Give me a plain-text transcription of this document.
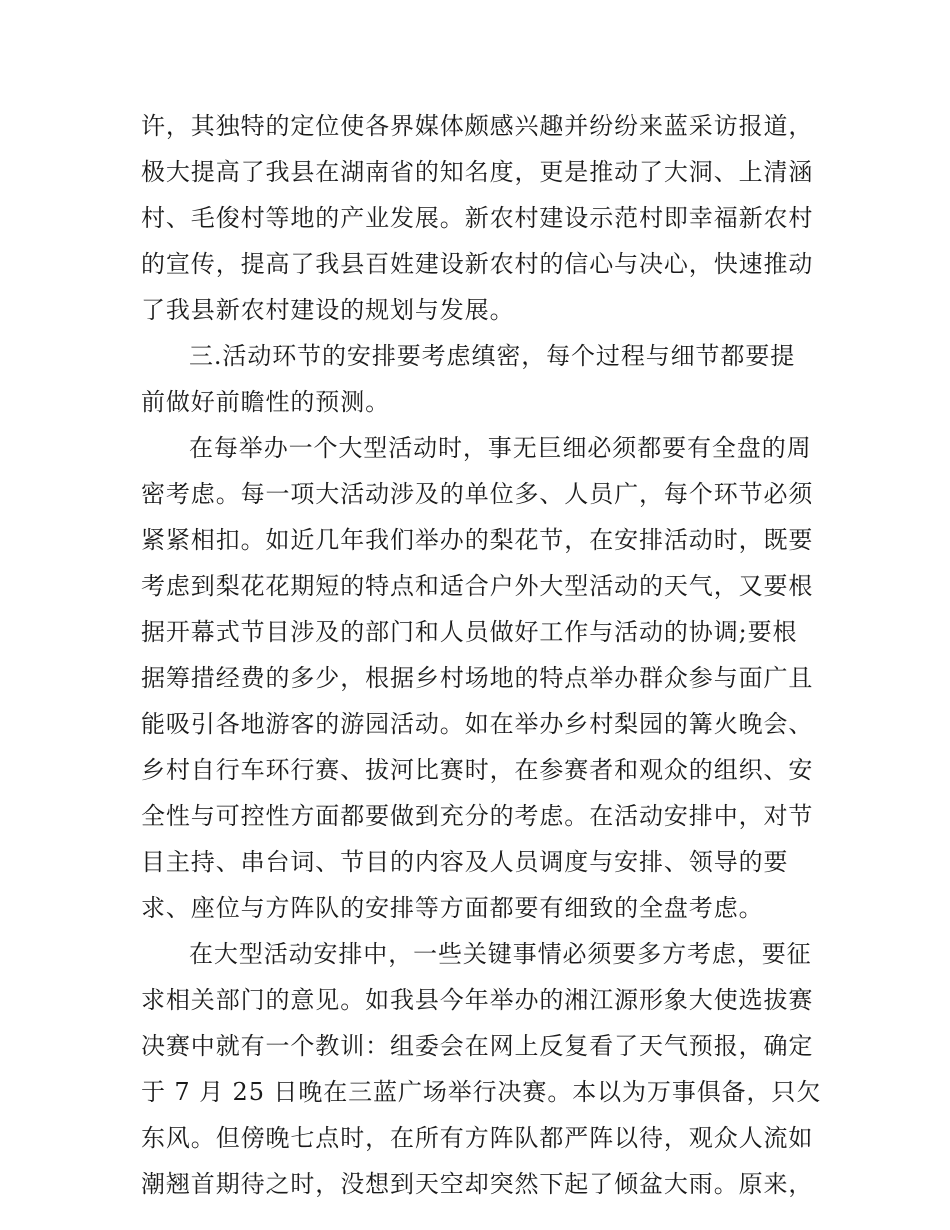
许，其独特的定位使各界媒体颇感兴趣并纷纷来蓝采访报道，
极大提高了我县在湖南省的知名度，更是推动了大洞、上清涵
村、毛俊村等地的产业发展。新农村建设示范村即幸福新农村
的宣传，提高了我县百姓建设新农村的信心与决心，快速推动
了我县新农村建设的规划与发展。
三.活动环节的安排要考虑缜密，每个过程与细节都要提
前做好前瞻性的预测。
在每举办一个大型活动时，事无巨细必须都要有全盘的周
密考虑。每一项大活动涉及的单位多、人员广，每个环节必须
紧紧相扣。如近几年我们举办的梨花节，在安排活动时，既要
考虑到梨花花期短的特点和适合户外大型活动的天气，又要根
据开幕式节目涉及的部门和人员做好工作与活动的协调;要根
据筹措经费的多少，根据乡村场地的特点举办群众参与面广且
能吸引各地游客的游园活动。如在举办乡村梨园的篝火晚会、
乡村自行车环行赛、拔河比赛时，在参赛者和观众的组织、安
全性与可控性方面都要做到充分的考虑。在活动安排中，对节
目主持、串台词、节目的内容及人员调度与安排、领导的要
求、座位与方阵队的安排等方面都要有细致的全盘考虑。
在大型活动安排中，一些关键事情必须要多方考虑，要征
求相关部门的意见。如我县今年举办的湘江源形象大使选拔赛
决赛中就有一个教训：组委会在网上反复看了天气预报，确定
于 7 月 25 日晚在三蓝广场举行决赛。本以为万事俱备，只欠
东风。但傍晚七点时，在所有方阵队都严阵以待，观众人流如
潮翘首期待之时，没想到天空却突然下起了倾盆大雨。原来，
